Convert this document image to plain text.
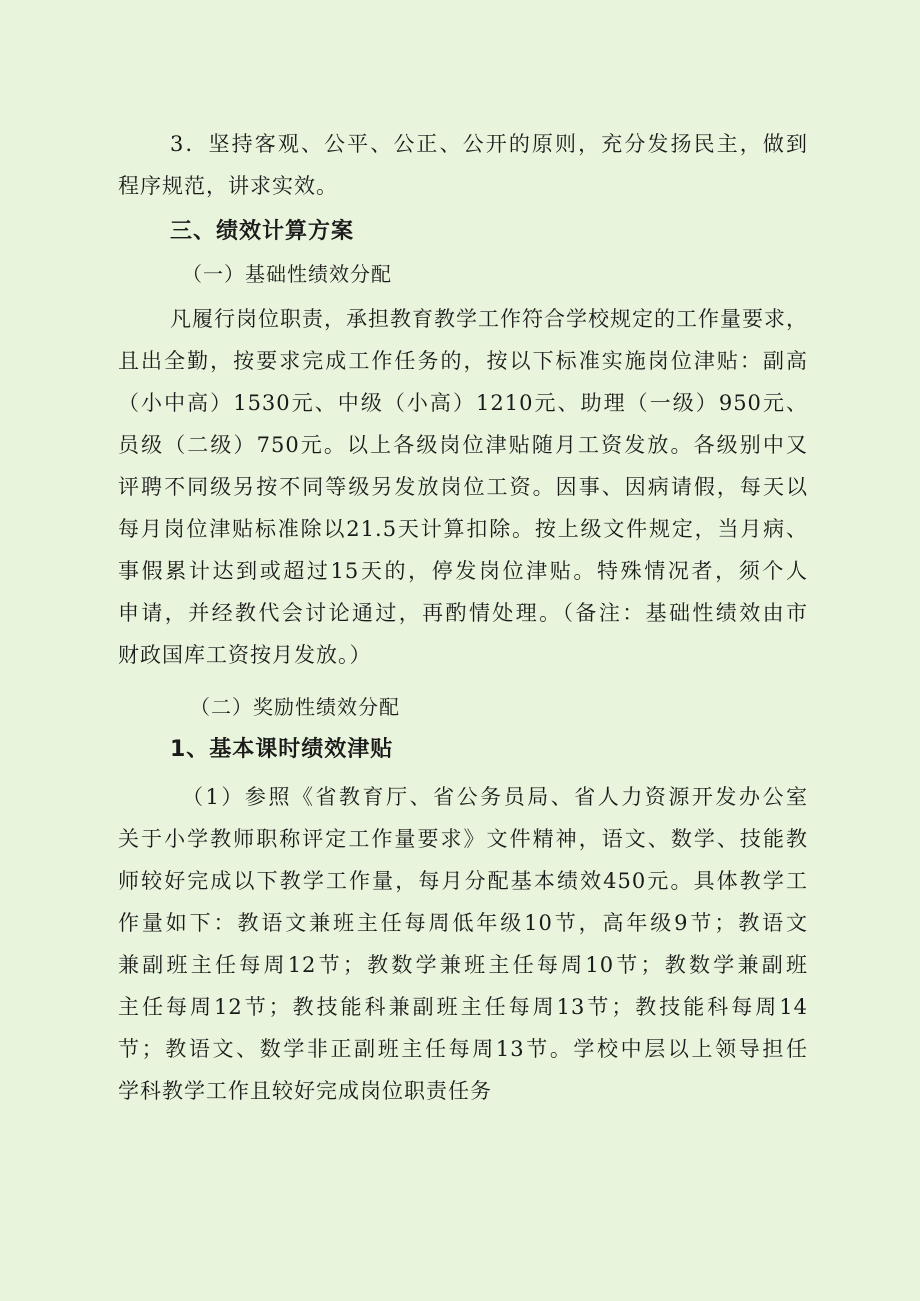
3．坚持客观、公平、公正、公开的原则，充分发扬民主，做到
程序规范，讲求实效。
三、绩效计算方案
（一）基础性绩效分配
凡履行岗位职责，承担教育教学工作符合学校规定的工作量要求，
且出全勤，按要求完成工作任务的，按以下标准实施岗位津贴：副高
（小中高）1530元、中级（小高）1210元、助理（一级）950元、
员级（二级）750元。以上各级岗位津贴随月工资发放。各级别中又
评聘不同级另按不同等级另发放岗位工资。因事、因病请假，每天以
每月岗位津贴标准除以21.5天计算扣除。按上级文件规定，当月病、
事假累计达到或超过15天的，停发岗位津贴。特殊情况者，须个人
申请，并经教代会讨论通过，再酌情处理。（备注：基础性绩效由市
财政国库工资按月发放。）
（二）奖励性绩效分配
1、基本课时绩效津贴
（1）参照《省教育厅、省公务员局、省人力资源开发办公室
关于小学教师职称评定工作量要求》文件精神，语文、数学、技能教
师较好完成以下教学工作量，每月分配基本绩效450元。具体教学工
作量如下：教语文兼班主任每周低年级10节，高年级9节；教语文
兼副班主任每周12节；教数学兼班主任每周10节；教数学兼副班
主任每周12节；教技能科兼副班主任每周13节；教技能科每周14
节；教语文、数学非正副班主任每周13节。学校中层以上领导担任
学科教学工作且较好完成岗位职责任务
